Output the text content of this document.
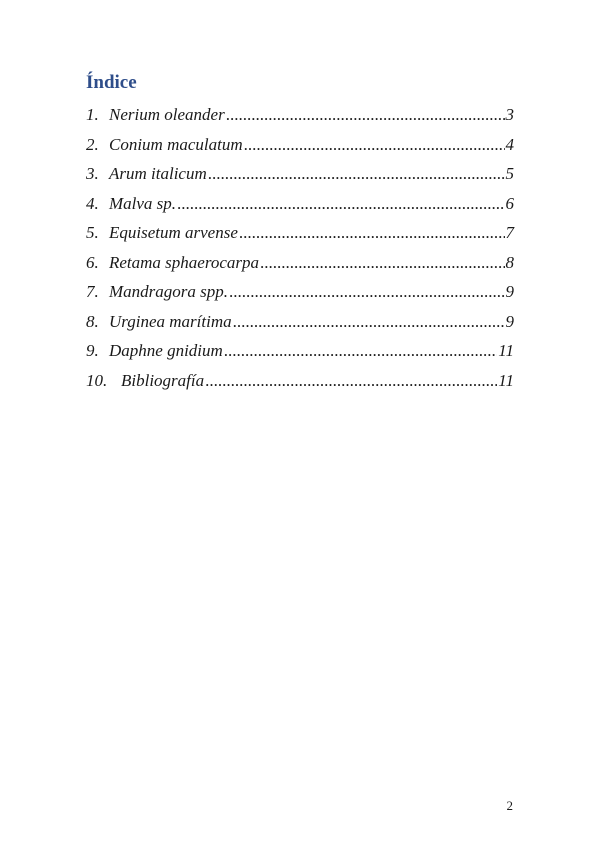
Índice
1. Nerium oleander .....	3
2. Conium maculatum .....	4
3. Arum italicum .....	5
4. Malva sp. .....	6
5. Equisetum arvense .....	7
6. Retama sphaerocarpa .....	8
7. Mandragora spp. .....	9
8. Urginea marítima .....	9
9. Daphne gnidium .....	11
10. Bibliografía .....	11
2
